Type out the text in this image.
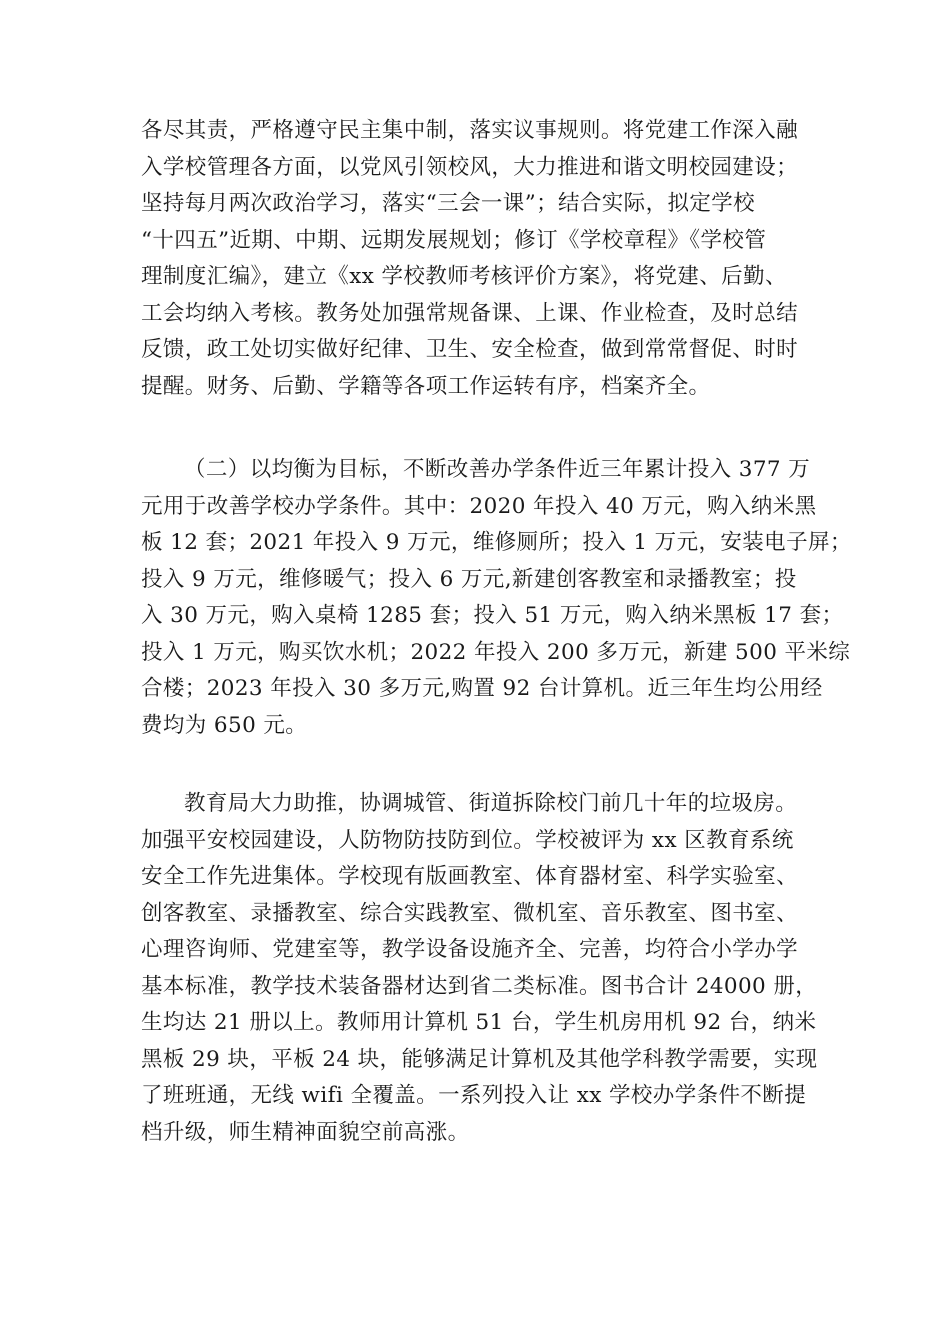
各尽其责，严格遵守民主集中制，落实议事规则。将党建工作深入融
入学校管理各方面，以党风引领校风，大力推进和谐文明校园建设；
坚持每月两次政治学习，落实“三会一课”；结合实际，拟定学校
“十四五”近期、中期、远期发展规划；修订《学校章程》《学校管
理制度汇编》，建立《xx 学校教师考核评价方案》，将党建、后勤、
工会均纳入考核。教务处加强常规备课、上课、作业检查，及时总结
反馈，政工处切实做好纪律、卫生、安全检查，做到常常督促、时时
提醒。财务、后勤、学籍等各项工作运转有序，档案齐全。
（二）以均衡为目标，不断改善办学条件近三年累计投入 377 万
元用于改善学校办学条件。其中：2020 年投入 40 万元，购入纳米黑
板 12 套；2021 年投入 9 万元，维修厕所；投入 1 万元，安装电子屏；
投入 9 万元，维修暖气；投入 6 万元,新建创客教室和录播教室；投
入 30 万元，购入桌椅 1285 套；投入 51 万元，购入纳米黑板 17 套；
投入 1 万元，购买饮水机；2022 年投入 200 多万元，新建 500 平米综
合楼；2023 年投入 30 多万元,购置 92 台计算机。近三年生均公用经
费均为 650 元。
教育局大力助推，协调城管、街道拆除校门前几十年的垃圾房。
加强平安校园建设，人防物防技防到位。学校被评为 xx 区教育系统
安全工作先进集体。学校现有版画教室、体育器材室、科学实验室、
创客教室、录播教室、综合实践教室、微机室、音乐教室、图书室、
心理咨询师、党建室等，教学设备设施齐全、完善，均符合小学办学
基本标准，教学技术装备器材达到省二类标准。图书合计 24000 册，
生均达 21 册以上。教师用计算机 51 台，学生机房用机 92 台，纳米
黑板 29 块，平板 24 块，能够满足计算机及其他学科教学需要，实现
了班班通，无线 wifi 全覆盖。一系列投入让 xx 学校办学条件不断提
档升级，师生精神面貌空前高涨。
